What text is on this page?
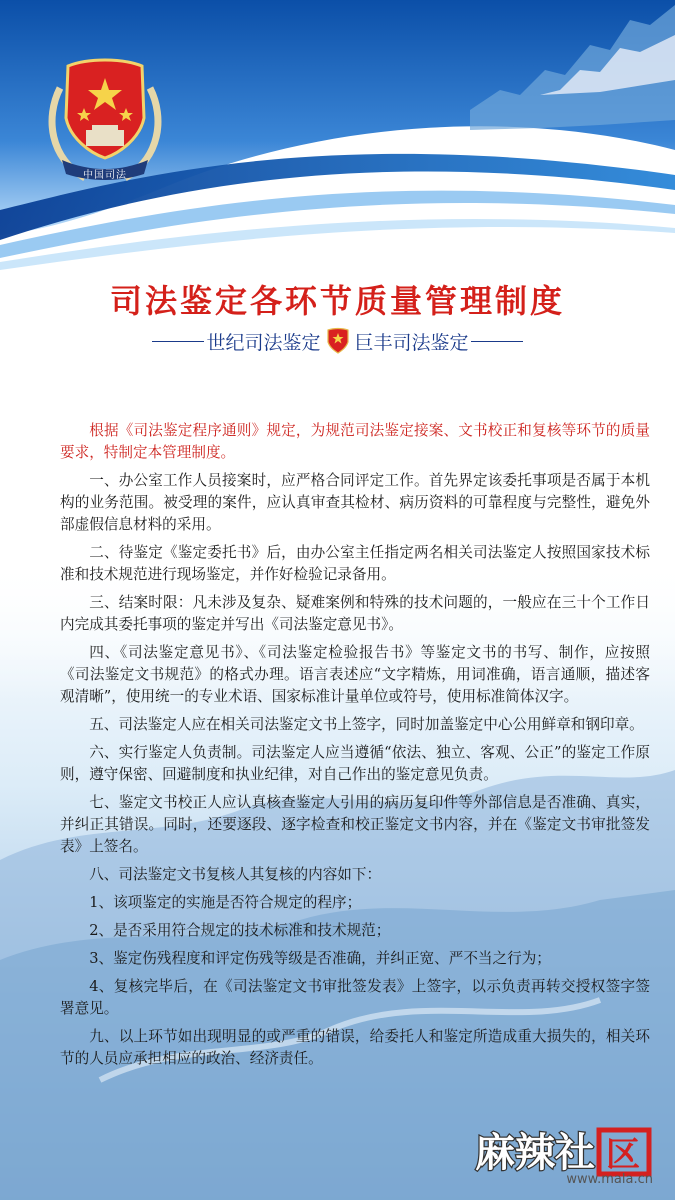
中国司法
司法鉴定各环节质量管理制度
世纪司法鉴定 巨丰司法鉴定

根据《司法鉴定程序通则》规定，为规范司法鉴定接案、文书校正和复核等环节的质量要求，特制定本管理制度。

一、办公室工作人员接案时，应严格合同评定工作。首先界定该委托事项是否属于本机构的业务范围。被受理的案件，应认真审查其检材、病历资料的可靠程度与完整性，避免外部虚假信息材料的采用。

二、待鉴定《鉴定委托书》后，由办公室主任指定两名相关司法鉴定人按照国家技术标准和技术规范进行现场鉴定，并作好检验记录备用。

三、结案时限：凡未涉及复杂、疑难案例和特殊的技术问题的，一般应在三十个工作日内完成其委托事项的鉴定并写出《司法鉴定意见书》。

四、《司法鉴定意见书》、《司法鉴定检验报告书》等鉴定文书的书写、制作，应按照《司法鉴定文书规范》的格式办理。语言表述应“文字精炼，用词准确，语言通顺，描述客观清晰”，使用统一的专业术语、国家标准计量单位或符号，使用标准简体汉字。

五、司法鉴定人应在相关司法鉴定文书上签字，同时加盖鉴定中心公用鲜章和钢印章。

六、实行鉴定人负责制。司法鉴定人应当遵循“依法、独立、客观、公正”的鉴定工作原则，遵守保密、回避制度和执业纪律，对自己作出的鉴定意见负责。

七、鉴定文书校正人应认真核查鉴定人引用的病历复印件等外部信息是否准确、真实，并纠正其错误。同时，还要逐段、逐字检查和校正鉴定文书内容，并在《鉴定文书审批签发表》上签名。

八、司法鉴定文书复核人其复核的内容如下：

1、该项鉴定的实施是否符合规定的程序；

2、是否采用符合规定的技术标准和技术规范；

3、鉴定伤残程度和评定伤残等级是否准确，并纠正宽、严不当之行为；

4、复核完毕后，在《司法鉴定文书审批签发表》上签字，以示负责再转交授权签字签署意见。

九、以上环节如出现明显的或严重的错误，给委托人和鉴定所造成重大损失的，相关环节的人员应承担相应的政治、经济责任。

麻辣社 区
www.mala.cn
